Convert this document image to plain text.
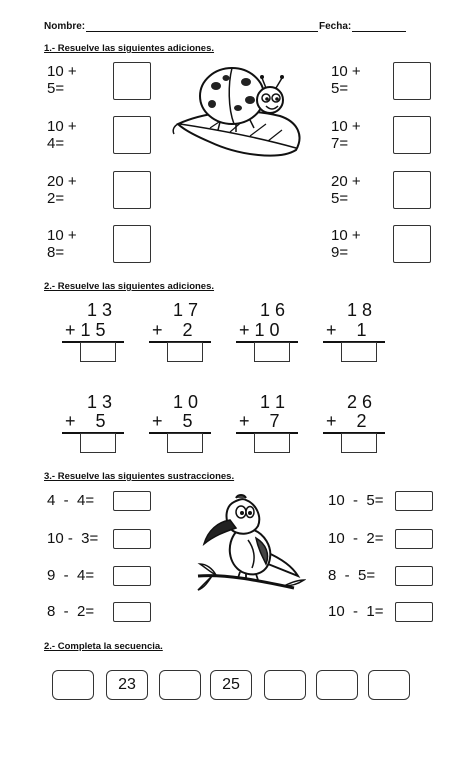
Nombre:	Fecha:
1.- Resuelve las siguientes adiciones.
10 +
5=
10 +
4=
20 +
2=
10 +
8=
10 +
5=
10 +
7=
20 +
5=
10 +
9=
2.- Resuelve las siguientes adiciones.
1 3
+ 1 5
1 7
+    2
1 6
+ 1 0
1 8
+    1
1 3
+    5
1 0
+    5
1 1
+    7
2 6
+    2
3.- Resuelve las siguientes sustracciones.
4  -  4=
10 -  3=
9  -  4=
8  -  2=
10  -  5=
10  -  2=
8  -  5=
10  -  1=
2.- Completa la secuencia.
23	25
